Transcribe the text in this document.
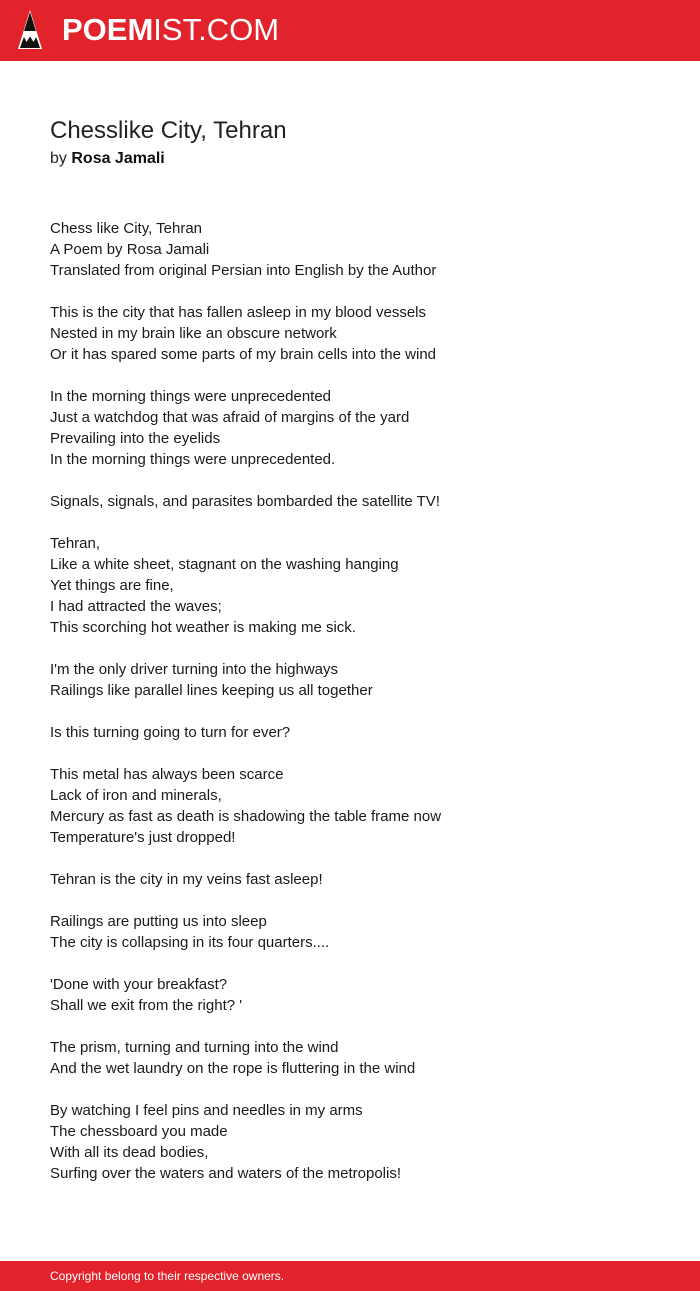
POEMIST.COM
Chesslike City, Tehran
by Rosa Jamali
Chess like City, Tehran
A Poem by Rosa Jamali
Translated from original Persian into English by the Author
This is the city that has fallen asleep in my blood vessels
Nested in my brain like an obscure network
Or it has spared some parts of my brain cells into the wind
In the morning things were unprecedented
Just a watchdog that was afraid of margins of the yard
Prevailing into the eyelids
In the morning things were unprecedented.
Signals, signals, and parasites bombarded the satellite TV!
Tehran,
Like a white sheet, stagnant on the washing hanging
Yet things are fine,
I had attracted the waves;
This scorching hot weather is making me sick.
I'm the only driver turning into the highways
Railings like parallel lines keeping us all together
Is this turning going to turn for ever?
This metal has always been scarce
Lack of iron and minerals,
Mercury as fast as death is shadowing the table frame now
Temperature's just dropped!
Tehran is the city in my veins fast asleep!
Railings are putting us into sleep
The city is collapsing in its four quarters....
'Done with your breakfast?
Shall we exit from the right? '
The prism, turning and turning into the wind
And the wet laundry on the rope is fluttering in the wind
By watching I feel pins and needles in my arms
The chessboard you made
With all its dead bodies,
Surfing over the waters and waters of the metropolis!
Copyright belong to their respective owners.
